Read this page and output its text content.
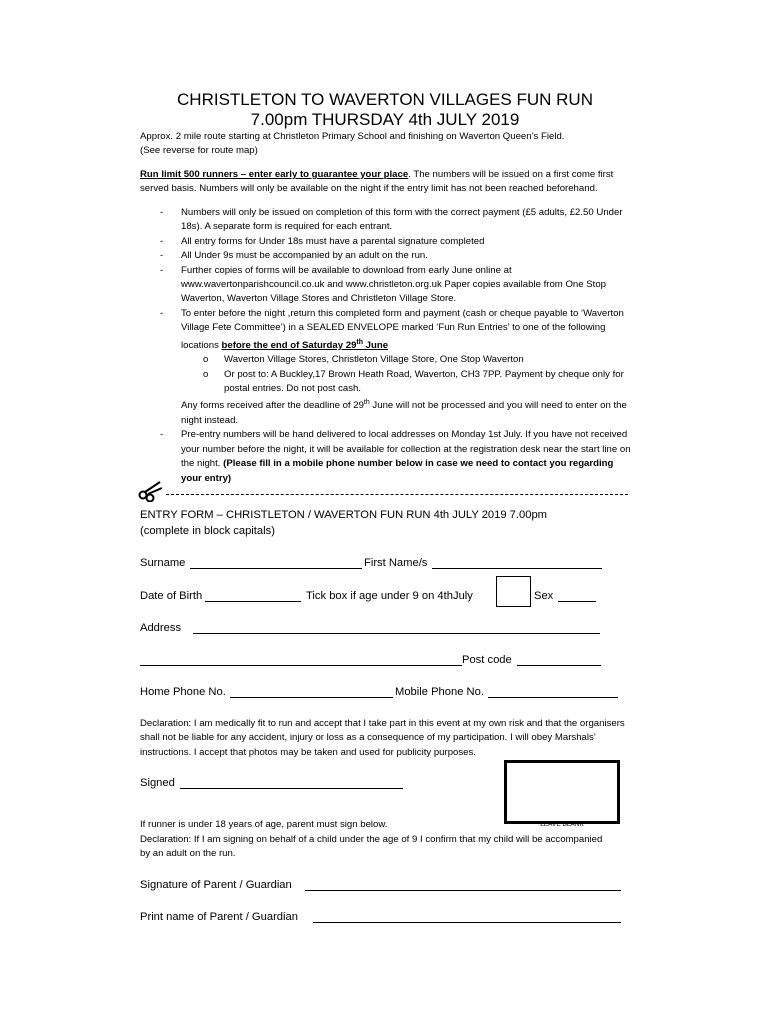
CHRISTLETON TO WAVERTON VILLAGES FUN RUN
7.00pm THURSDAY 4th JULY 2019
Approx. 2 mile route starting at Christleton Primary School and finishing on Waverton Queen’s Field.
(See reverse for route map)
Run limit 500 runners – enter early to guarantee your place. The numbers will be issued on a first come first served basis. Numbers will only be available on the night if the entry limit has not been reached beforehand.
- Numbers will only be issued on completion of this form with the correct payment (£5 adults, £2.50 Under 18s). A separate form is required for each entrant.
- All entry forms for Under 18s must have a parental signature completed
- All Under 9s must be accompanied by an adult on the run.
- Further copies of forms will be available to download from early June online at www.wavertonparishcouncil.co.uk and www.christleton.org.uk Paper copies available from One Stop Waverton, Waverton Village Stores and Christleton Village Store.
- To enter before the night ,return this completed form and payment (cash or cheque payable to ‘Waverton Village Fete Committee’) in a SEALED ENVELOPE marked ‘Fun Run Entries’ to one of the following locations before the end of Saturday 29th June
o Waverton Village Stores, Christleton Village Store, One Stop Waverton
o Or post to: A Buckley,17 Brown Heath Road, Waverton, CH3 7PP. Payment by cheque only for postal entries. Do not post cash.
Any forms received after the deadline of 29th June will not be processed and you will need to enter on the night instead.
- Pre-entry numbers will be hand delivered to local addresses on Monday 1st July. If you have not received your number before the night, it will be available for collection at the registration desk near the start line on the night. (Please fill in a mobile phone number below in case we need to contact you regarding your entry)
ENTRY FORM – CHRISTLETON / WAVERTON FUN RUN 4th JULY 2019 7.00pm
(complete in block capitals)
Surname	First Name/s
Date of Birth	Tick box if age under 9 on 4thJuly	Sex
Address
Post code
Home Phone No.	Mobile Phone No.
Declaration: I am medically fit to run and accept that I take part in this event at my own risk and that the organisers shall not be liable for any accident, injury or loss as a consequence of my participation. I will obey Marshals’ instructions. I accept that photos may be taken and used for publicity purposes.
Signed
LEAVE BLANK
If runner is under 18 years of age, parent must sign below.
Declaration: If I am signing on behalf of a child under the age of 9 I confirm that my child will be accompanied by an adult on the run.
Signature of Parent / Guardian
Print name of Parent / Guardian
